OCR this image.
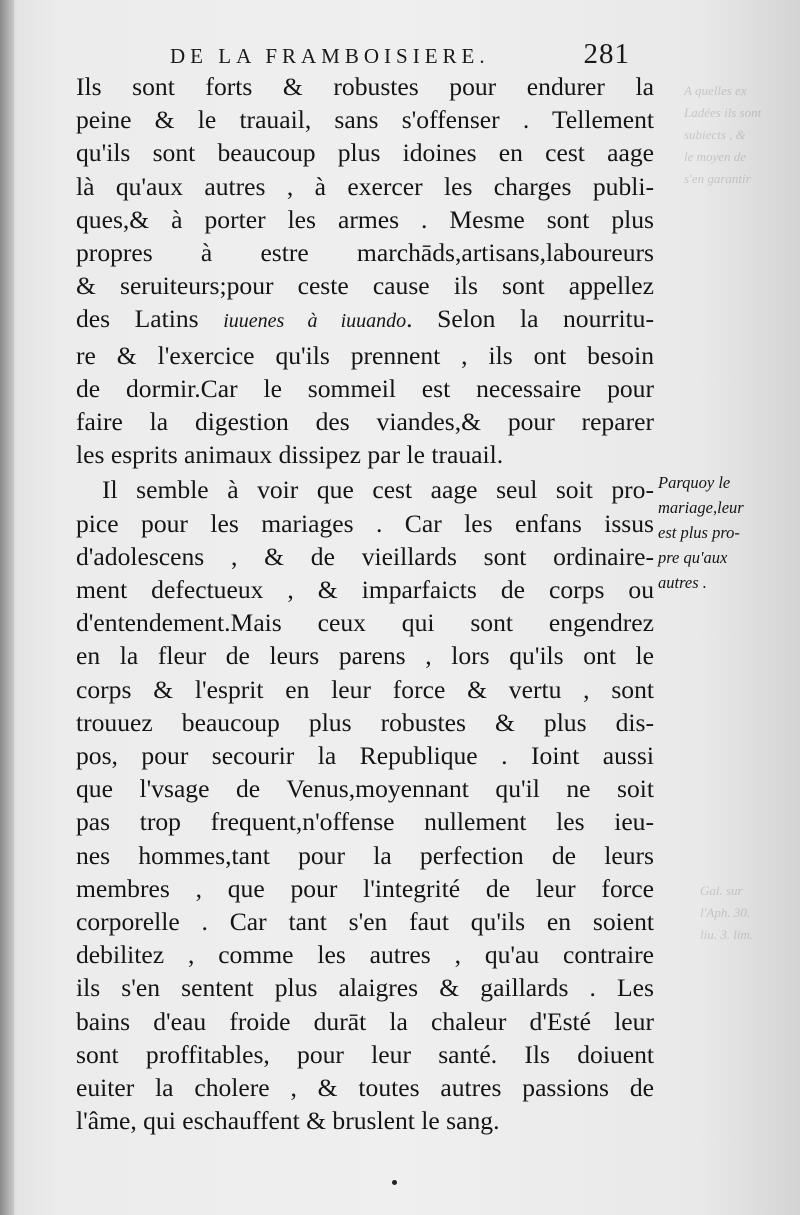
A quelles ex
Ladées ils sont
subiects , &
le moyen de
s'en garantir
Gal. sur
l'Aph. 30.
liu. 3. lim.
DE LA FRAMBOISIERE.	281
Ils sont forts & robustes pour endurer la
peine & le trauail, sans s'offenser . Tellement
qu'ils sont beaucoup plus idoines en cest aage
là qu'aux autres , à exercer les charges publi-
ques,& à porter les armes . Mesme sont plus
propres à estre marchāds,artisans,laboureurs
& seruiteurs;pour ceste cause ils sont appellez
des Latins iuuenes à iuuando. Selon la nourritu-
re & l'exercice qu'ils prennent , ils ont besoin
de dormir.Car le sommeil est necessaire pour
faire la digestion des viandes,& pour reparer
les esprits animaux dissipez par le trauail.
Il semble à voir que cest aage seul soit pro-
pice pour les mariages . Car les enfans issus
d'adolescens , & de vieillards sont ordinaire-
ment defectueux , & imparfaicts de corps ou
d'entendement.Mais ceux qui sont engendrez
en la fleur de leurs parens , lors qu'ils ont le
corps & l'esprit en leur force & vertu , sont
trouuez beaucoup plus robustes & plus dis-
pos, pour secourir la Republique . Ioint aussi
que l'vsage de Venus,moyennant qu'il ne soit
pas trop frequent,n'offense nullement les ieu-
nes hommes,tant pour la perfection de leurs
membres , que pour l'integrité de leur force
corporelle . Car tant s'en faut qu'ils en soient
debilitez , comme les autres , qu'au contraire
ils s'en sentent plus alaigres & gaillards . Les
bains d'eau froide durāt la chaleur d'Esté leur
sont proffitables, pour leur santé. Ils doiuent
euiter la cholere , & toutes autres passions de
l'âme, qui eschauffent & bruslent le sang.
Parquoy le
mariage,leur
est plus pro-
pre qu'aux
autres .
